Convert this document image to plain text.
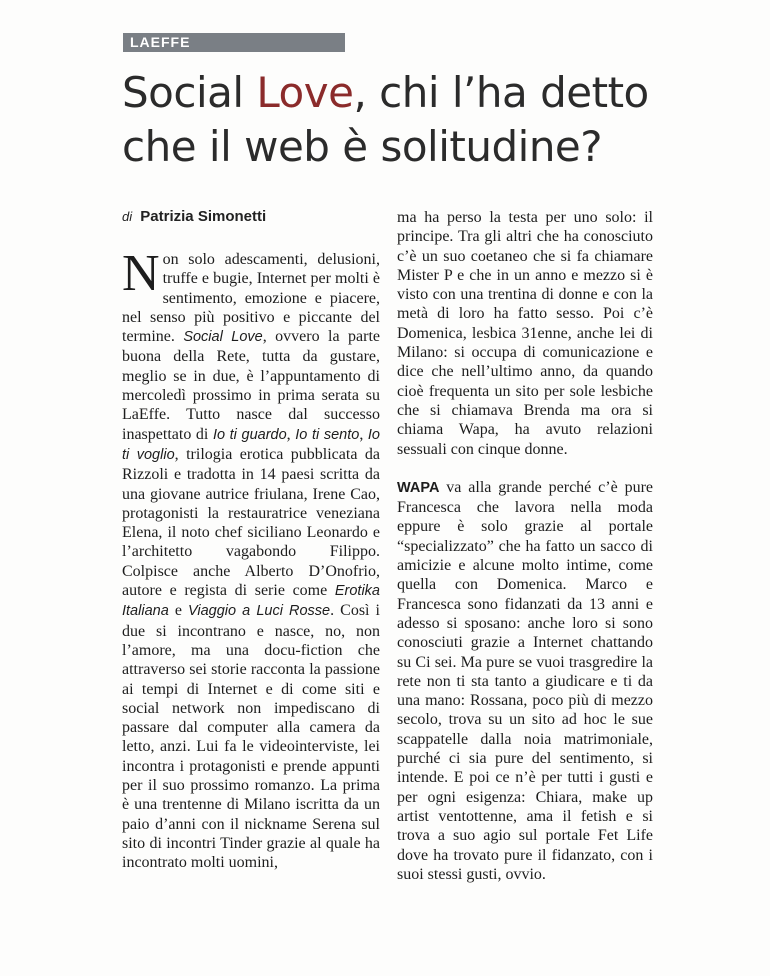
LAEFFE
Social Love, chi l’ha detto
che il web è solitudine?
di Patrizia Simonetti

Non solo adescamenti, delusioni, truffe e bugie, Internet per molti è sentimento, emozione e piacere, nel senso più positivo e piccante del termine. Social Love, ovvero la parte buona della Rete, tutta da gustare, meglio se in due, è l’appuntamento di mercoledì prossimo in prima serata su LaEffe. Tutto nasce dal successo inaspettato di Io ti guardo, Io ti sento, Io ti voglio, trilogia erotica pubblicata da Rizzoli e tradotta in 14 paesi scritta da una giovane autrice friulana, Irene Cao, protagonisti la restauratrice veneziana Elena, il noto chef siciliano Leonardo e l’architetto vagabondo Filippo. Colpisce anche Alberto D’Onofrio, autore e regista di serie come Erotika Italiana e Viaggio a Luci Rosse. Così i due si incontrano e nasce, no, non l’amore, ma una docu-fiction che attraverso sei storie racconta la passione ai tempi di Internet e di come siti e social network non impediscano di passare dal computer alla camera da letto, anzi. Lui fa le videointerviste, lei incontra i protagonisti e prende appunti per il suo prossimo romanzo. La prima è una trentenne di Milano iscritta da un paio d’anni con il nickname Serena sul sito di incontri Tinder grazie al quale ha incontrato molti uomini,

ma ha perso la testa per uno solo: il principe. Tra gli altri che ha conosciuto c’è un suo coetaneo che si fa chiamare Mister P e che in un anno e mezzo si è visto con una trentina di donne e con la metà di loro ha fatto sesso. Poi c’è Domenica, lesbica 31enne, anche lei di Milano: si occupa di comunicazione e dice che nell’ultimo anno, da quando cioè frequenta un sito per sole lesbiche che si chiamava Brenda ma ora si chiama Wapa, ha avuto relazioni sessuali con cinque donne.

WAPA va alla grande perché c’è pure Francesca che lavora nella moda eppure è solo grazie al portale “specializzato” che ha fatto un sacco di amicizie e alcune molto intime, come quella con Domenica. Marco e Francesca sono fidanzati da 13 anni e adesso si sposano: anche loro si sono conosciuti grazie a Internet chattando su Ci sei. Ma pure se vuoi trasgredire la rete non ti sta tanto a giudicare e ti da una mano: Rossana, poco più di mezzo secolo, trova su un sito ad hoc le sue scappatelle dalla noia matrimoniale, purché ci sia pure del sentimento, si intende. E poi ce n’è per tutti i gusti e per ogni esigenza: Chiara, make up artist ventottenne, ama il fetish e si trova a suo agio sul portale Fet Life dove ha trovato pure il fidanzato, con i suoi stessi gusti, ovvio.
